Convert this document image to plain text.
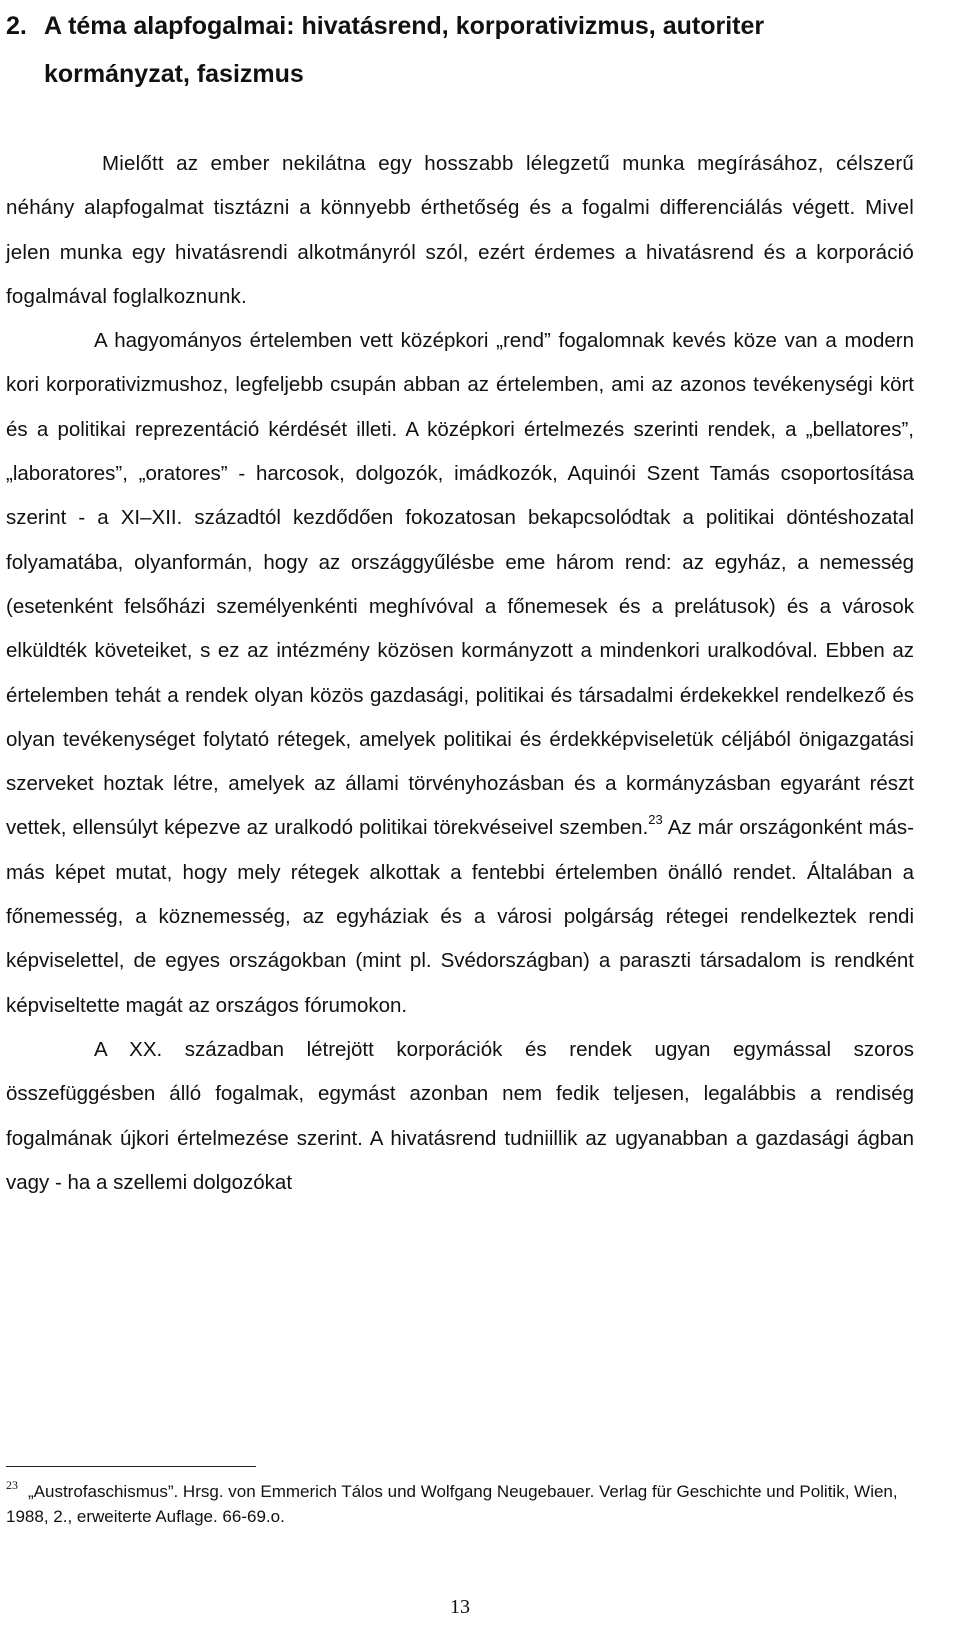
2. A téma alapfogalmai: hivatásrend, korporativizmus, autoriter
kormányzat, fasizmus

Mielőtt az ember nekilátna egy hosszabb lélegzetű munka megírásához, célszerű néhány alapfogalmat tisztázni a könnyebb érthetőség és a fogalmi differenciálás végett. Mivel jelen munka egy hivatásrendi alkotmányról szól, ezért érdemes a hivatásrend és a korporáció fogalmával foglalkoznunk.

A hagyományos értelemben vett középkori „rend” fogalomnak kevés köze van a modern kori korporativizmushoz, legfeljebb csupán abban az értelemben, ami az azonos tevékenységi kört és a politikai reprezentáció kérdését illeti. A középkori értelmezés szerinti rendek, a „bellatores”, „laboratores”, „oratores” - harcosok, dolgozók, imádkozók, Aquinói Szent Tamás csoportosítása szerint - a XI–XII. századtól kezdődően fokozatosan bekapcsolódtak a politikai döntéshozatal folyamatába, olyanformán, hogy az országgyűlésbe eme három rend: az egyház, a nemesség (esetenként felsőházi személyenkénti meghívóval a főnemesek és a prelátusok) és a városok elküldték követeiket, s ez az intézmény közösen kormányzott a mindenkori uralkodóval. Ebben az értelemben tehát a rendek olyan közös gazdasági, politikai és társadalmi érdekekkel rendelkező és olyan tevékenységet folytató rétegek, amelyek politikai és érdekképviseletük céljából önigazgatási szerveket hoztak létre, amelyek az állami törvényhozásban és a kormányzásban egyaránt részt vettek, ellensúlyt képezve az uralkodó politikai törekvéseivel szemben.$^{23}$ Az már országonként más-más képet mutat, hogy mely rétegek alkottak a fentebbi értelemben önálló rendet. Általában a főnemesség, a köznemesség, az egyháziak és a városi polgárság rétegei rendelkeztek rendi képviselettel, de egyes országokban (mint pl. Svédországban) a paraszti társadalom is rendként képviseltette magát az országos fórumokon.

A XX. században létrejött korporációk és rendek ugyan egymással szoros összefüggésben álló fogalmak, egymást azonban nem fedik teljesen, legalábbis a rendiség fogalmának újkori értelmezése szerint. A hivatásrend tudniillik az ugyanabban a gazdasági ágban vagy - ha a szellemi dolgozókat

$^{23}$ „Austrofaschismus”. Hrsg. von Emmerich Tálos und Wolfgang Neugebauer. Verlag für Geschichte und Politik, Wien, 1988, 2., erweiterte Auflage. 66-69.o.

13
